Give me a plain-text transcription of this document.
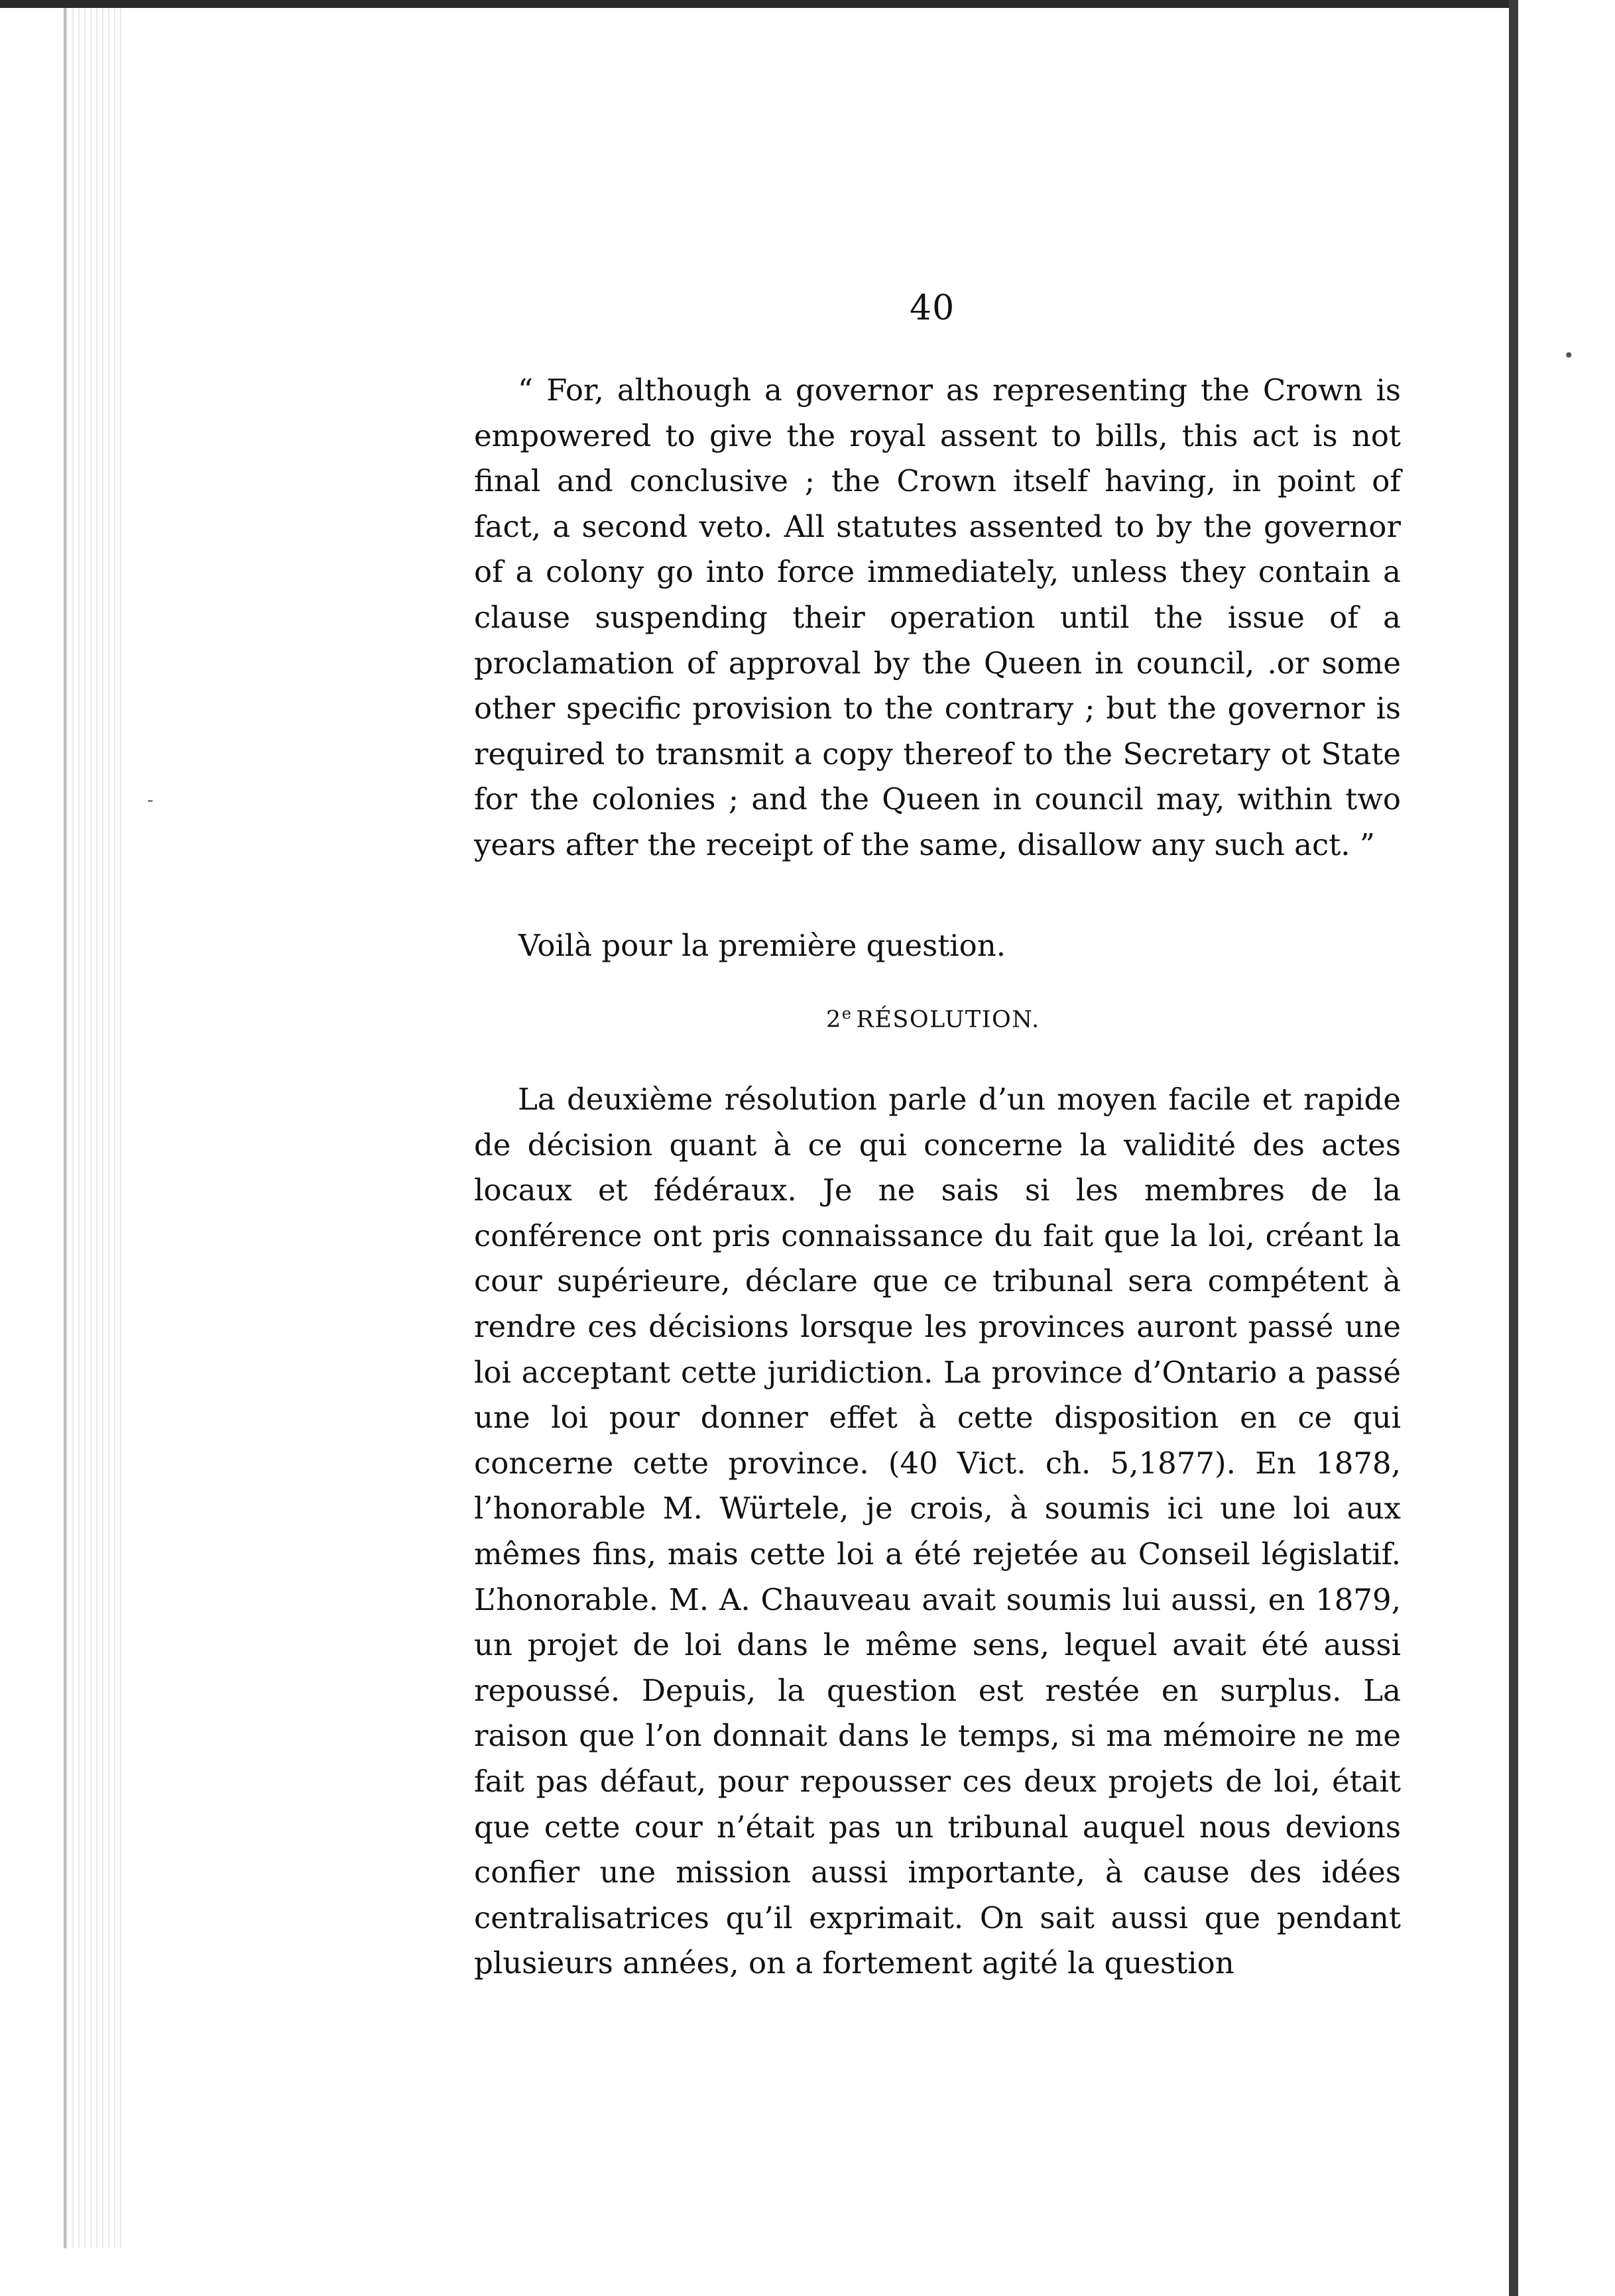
40

“ For, although a governor as representing the Crown is empowered to give the royal assent to bills, this act is not final and conclusive ; the Crown itself having, in point of fact, a second veto. All statutes assented to by the governor of a colony go into force immediately, unless they contain a clause suspending their operation until the issue of a proclamation of approval by the Queen in council, .or some other specific provision to the contrary ; but the governor is required to transmit a copy thereof to the Secretary ot State for the colonies ; and the Queen in council may, within two years after the receipt of the same, disallow any such act. ”

Voilà pour la première question.

2e RÉSOLUTION.

La deuxième résolution parle d’un moyen facile et rapide de décision quant à ce qui concerne la validité des actes locaux et fédéraux. Je ne sais si les membres de la conférence ont pris connaissance du fait que la loi, créant la cour supérieure, déclare que ce tribunal sera compétent à rendre ces décisions lorsque les provinces auront passé une loi acceptant cette juridiction. La province d’Ontario a passé une loi pour donner effet à cette disposition en ce qui concerne cette province. (40 Vict. ch. 5,1877). En 1878, l’honorable M. Würtele, je crois, à soumis ici une loi aux mêmes fins, mais cette loi a été rejetée au Conseil législatif. L’honorable. M. A. Chauveau avait soumis lui aussi, en 1879, un projet de loi dans le même sens, lequel avait été aussi repoussé. Depuis, la question est restée en surplus. La raison que l’on donnait dans le temps, si ma mémoire ne me fait pas défaut, pour repousser ces deux projets de loi, était que cette cour n’était pas un tribunal auquel nous devions confier une mission aussi importante, à cause des idées centralisatrices qu’il exprimait. On sait aussi que pendant plusieurs années, on a fortement agité la question

•
-
